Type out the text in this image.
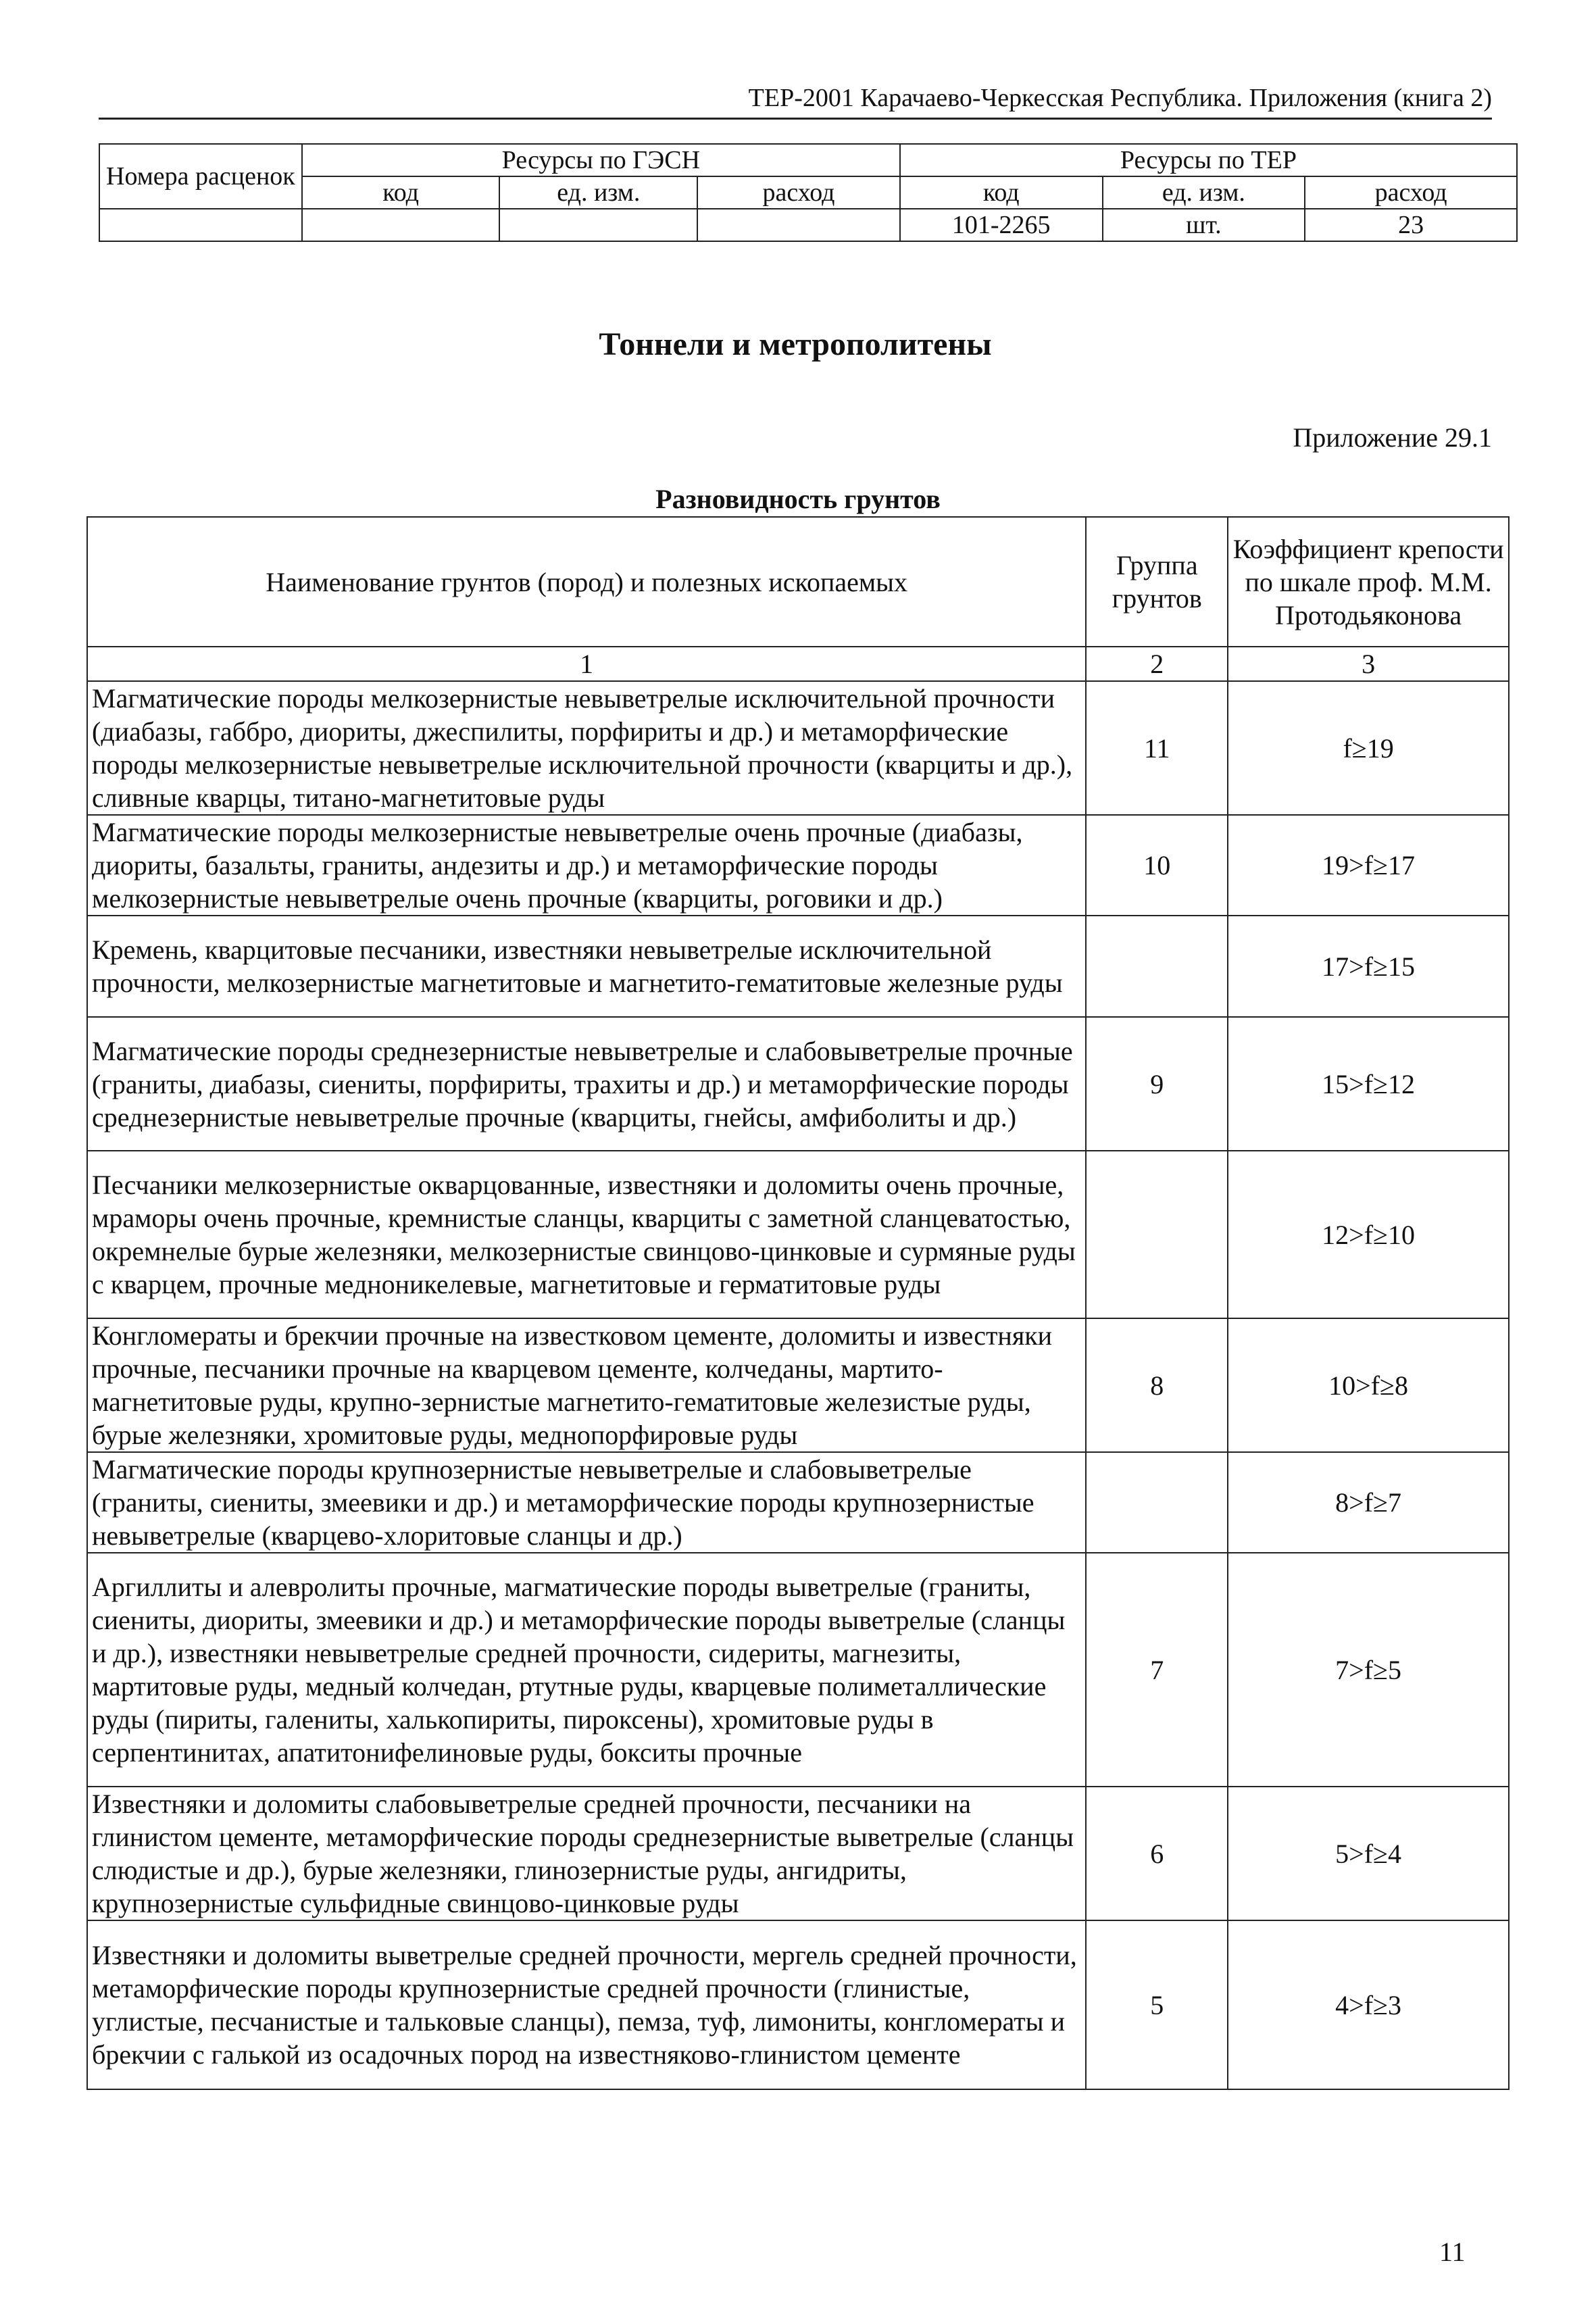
ТЕР-2001 Карачаево-Черкесская Республика. Приложения (книга 2)
Номера расценок	Ресурсы по ГЭСН			Ресурсы по ТЕР		
	код	ед. изм.	расход	код	ед. изм.	расход
				101-2265	шт.	23
Тоннели и метрополитены
Приложение 29.1
Разновидность грунтов
Наименование грунтов (пород) и полезных ископаемых	Группа грунтов	Коэффициент крепости по шкале проф. М.М. Протодьяконова
1	2	3
Магматические породы мелкозернистые невыветрелые исключительной прочности (диабазы, габбро, диориты, джеспилиты, порфириты и др.) и метаморфические породы мелкозернистые невыветрелые исключительной прочности (кварциты и др.), сливные кварцы, титано-магнетитовые руды	11	f≥19
Магматические породы мелкозернистые невыветрелые очень прочные (диабазы, диориты, базальты, граниты, андезиты и др.) и метаморфические породы мелкозернистые невыветрелые очень прочные (кварциты, роговики и др.)	10	19>f≥17
Кремень, кварцитовые песчаники, известняки невыветрелые исключительной прочности, мелкозернистые магнетитовые и магнетито-гематитовые железные руды		17>f≥15
Магматические породы среднезернистые невыветрелые и слабовыветрелые прочные (граниты, диабазы, сиениты, порфириты, трахиты и др.) и метаморфические породы среднезернистые невыветрелые прочные (кварциты, гнейсы, амфиболиты и др.)	9	15>f≥12
Песчаники мелкозернистые окварцованные, известняки и доломиты очень прочные, мраморы очень прочные, кремнистые сланцы, кварциты с заметной сланцеватостью, окремнелые бурые железняки, мелкозернистые свинцово-цинковые и сурмяные руды с кварцем, прочные медноникелевые, магнетитовые и герматитовые руды		12>f≥10
Конгломераты и брекчии прочные на известковом цементе, доломиты и известняки прочные, песчаники прочные на кварцевом цементе, колчеданы, мартито-магнетитовые руды, крупно-зернистые магнетито-гематитовые железистые руды, бурые железняки, хромитовые руды, меднопорфировые руды	8	10>f≥8
Магматические породы крупнозернистые невыветрелые и слабовыветрелые (граниты, сиениты, змеевики и др.) и метаморфические породы крупнозернистые невыветрелые (кварцево-хлоритовые сланцы и др.)		8>f≥7
Аргиллиты и алевролиты прочные, магматические породы выветрелые (граниты, сиениты, диориты, змеевики и др.) и метаморфические породы выветрелые (сланцы и др.), известняки невыветрелые средней прочности, сидериты, магнезиты, мартитовые руды, медный колчедан, ртутные руды, кварцевые полиметаллические руды (пириты, галениты, халькопириты, пироксены), хромитовые руды в серпентинитах, апатитонифелиновые руды, бокситы прочные	7	7>f≥5
Известняки и доломиты слабовыветрелые средней прочности, песчаники на глинистом цементе, метаморфические породы среднезернистые выветрелые (сланцы слюдистые и др.), бурые железняки, глинозернистые руды, ангидриты, крупнозернистые сульфидные свинцово-цинковые руды	6	5>f≥4
Известняки и доломиты выветрелые средней прочности, мергель средней прочности, метаморфические породы крупнозернистые средней прочности (глинистые, углистые, песчанистые и тальковые сланцы), пемза, туф, лимониты, конгломераты и брекчии с галькой из осадочных пород на известняково-глинистом цементе	5	4>f≥3
11
